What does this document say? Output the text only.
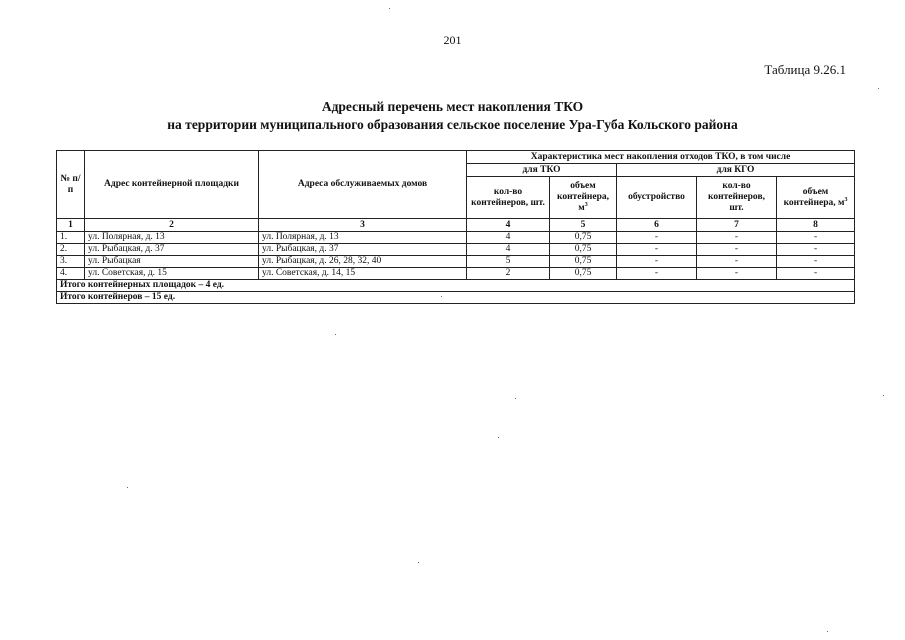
201
Таблица 9.26.1
Адресный перечень мест накопления ТКО
на территории муниципального образования сельское поселение Ура-Губа Кольского района
№ п/п	Адрес контейнерной площадки	Адреса обслуживаемых домов	Характеристика мест накопления отходов ТКО, в том числе				
			для ТКО		для КГО		
			кол-во контейнеров, шт.	объем контейнера, $м^3$	обустройство	кол-во контейнеров, шт.	объем контейнера, $м^3$
1	2	3	4	5	6	7	8
1.	ул. Полярная, д. 13	ул. Полярная, д. 13	4	0,75	-	-	-
2.	ул. Рыбацкая, д. 37	ул. Рыбацкая, д. 37	4	0,75	-	-	-
3.	ул. Рыбацкая	ул. Рыбацкая, д. 26, 28, 32, 40	5	0,75	-	-	-
4.	ул. Советская, д. 15	ул. Советская, д. 14, 15	2	0,75	-	-	-
Итого контейнерных площадок – 4 ед.							
Итого контейнеров – 15 ед.							
